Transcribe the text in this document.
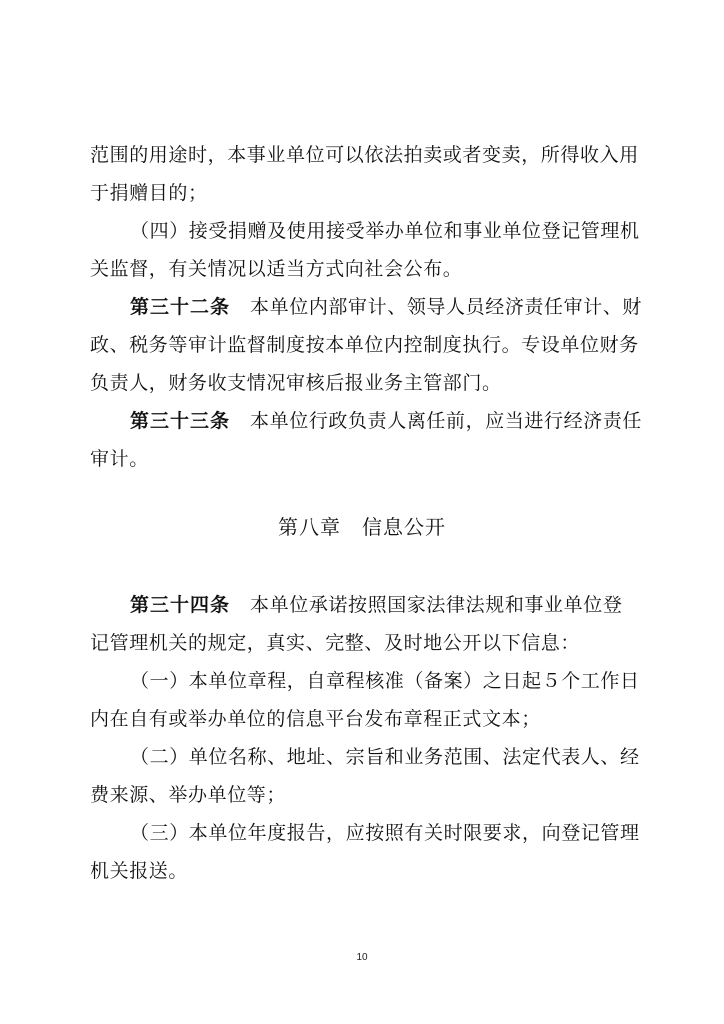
范围的用途时，本事业单位可以依法拍卖或者变卖，所得收入用
于捐赠目的；
（四）接受捐赠及使用接受举办单位和事业单位登记管理机
关监督，有关情况以适当方式向社会公布。
第三十二条 本单位内部审计、领导人员经济责任审计、财
政、税务等审计监督制度按本单位内控制度执行。专设单位财务
负责人，财务收支情况审核后报业务主管部门。
第三十三条 本单位行政负责人离任前，应当进行经济责任
审计。
第八章　信息公开
第三十四条 本单位承诺按照国家法律法规和事业单位登
记管理机关的规定，真实、完整、及时地公开以下信息：
（一）本单位章程，自章程核准（备案）之日起５个工作日
内在自有或举办单位的信息平台发布章程正式文本；
（二）单位名称、地址、宗旨和业务范围、法定代表人、经
费来源、举办单位等；
（三）本单位年度报告，应按照有关时限要求，向登记管理
机关报送。
10
